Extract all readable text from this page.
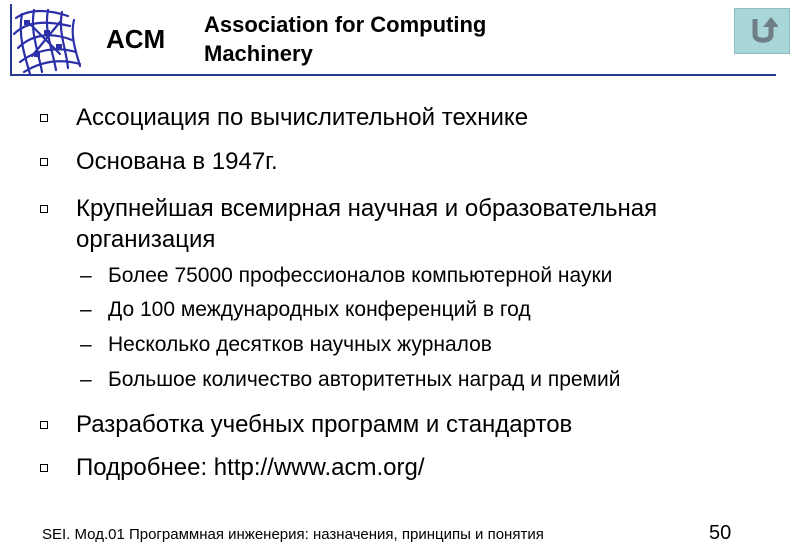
ACM Association for Computing
Machinery
Ассоциация по вычислительной технике
Основана в 1947г.
Крупнейшая всемирная научная и образовательная
организация
– Более 75000 профессионалов компьютерной науки
– До 100 международных конференций в год
– Несколько десятков научных журналов
– Большое количество авторитетных наград и премий
Разработка учебных программ и стандартов
Подробнее: http://www.acm.org/
SEI. Мод.01 Программная инженерия: назначения, принципы и понятия	50
